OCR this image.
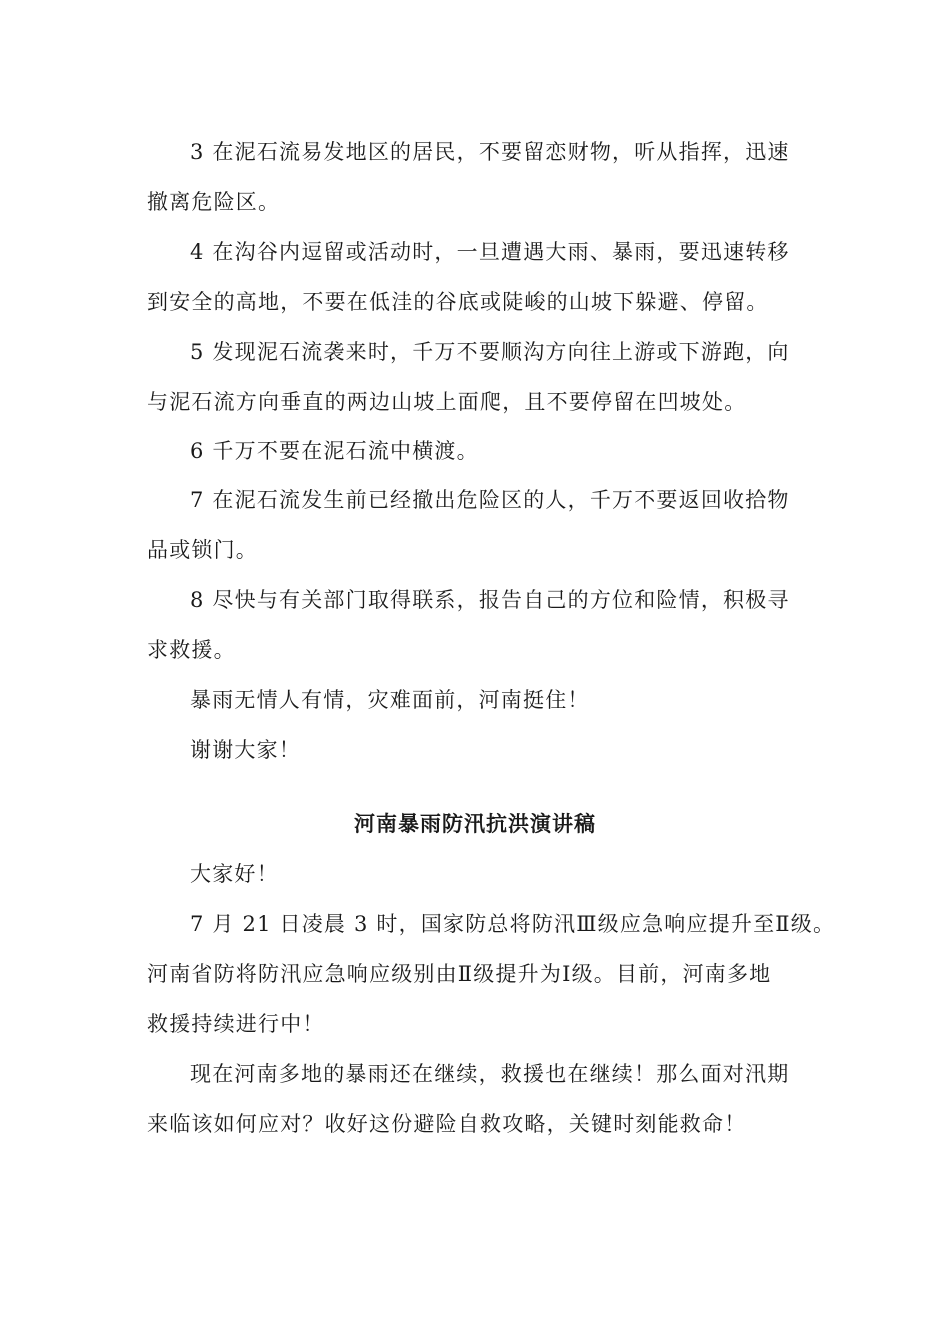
3 在泥石流易发地区的居民，不要留恋财物，听从指挥，迅速
撤离危险区。
4 在沟谷内逗留或活动时，一旦遭遇大雨、暴雨，要迅速转移
到安全的高地，不要在低洼的谷底或陡峻的山坡下躲避、停留。
5 发现泥石流袭来时，千万不要顺沟方向往上游或下游跑，向
与泥石流方向垂直的两边山坡上面爬，且不要停留在凹坡处。
6 千万不要在泥石流中横渡。
7 在泥石流发生前已经撤出危险区的人，千万不要返回收拾物
品或锁门。
8 尽快与有关部门取得联系，报告自己的方位和险情，积极寻
求救援。
暴雨无情人有情，灾难面前，河南挺住！
谢谢大家！
河南暴雨防汛抗洪演讲稿
大家好！
7 月 21 日凌晨 3 时，国家防总将防汛Ⅲ级应急响应提升至Ⅱ级。
河南省防将防汛应急响应级别由Ⅱ级提升为Ⅰ级。目前，河南多地
救援持续进行中！
现在河南多地的暴雨还在继续，救援也在继续！那么面对汛期
来临该如何应对？收好这份避险自救攻略，关键时刻能救命！
